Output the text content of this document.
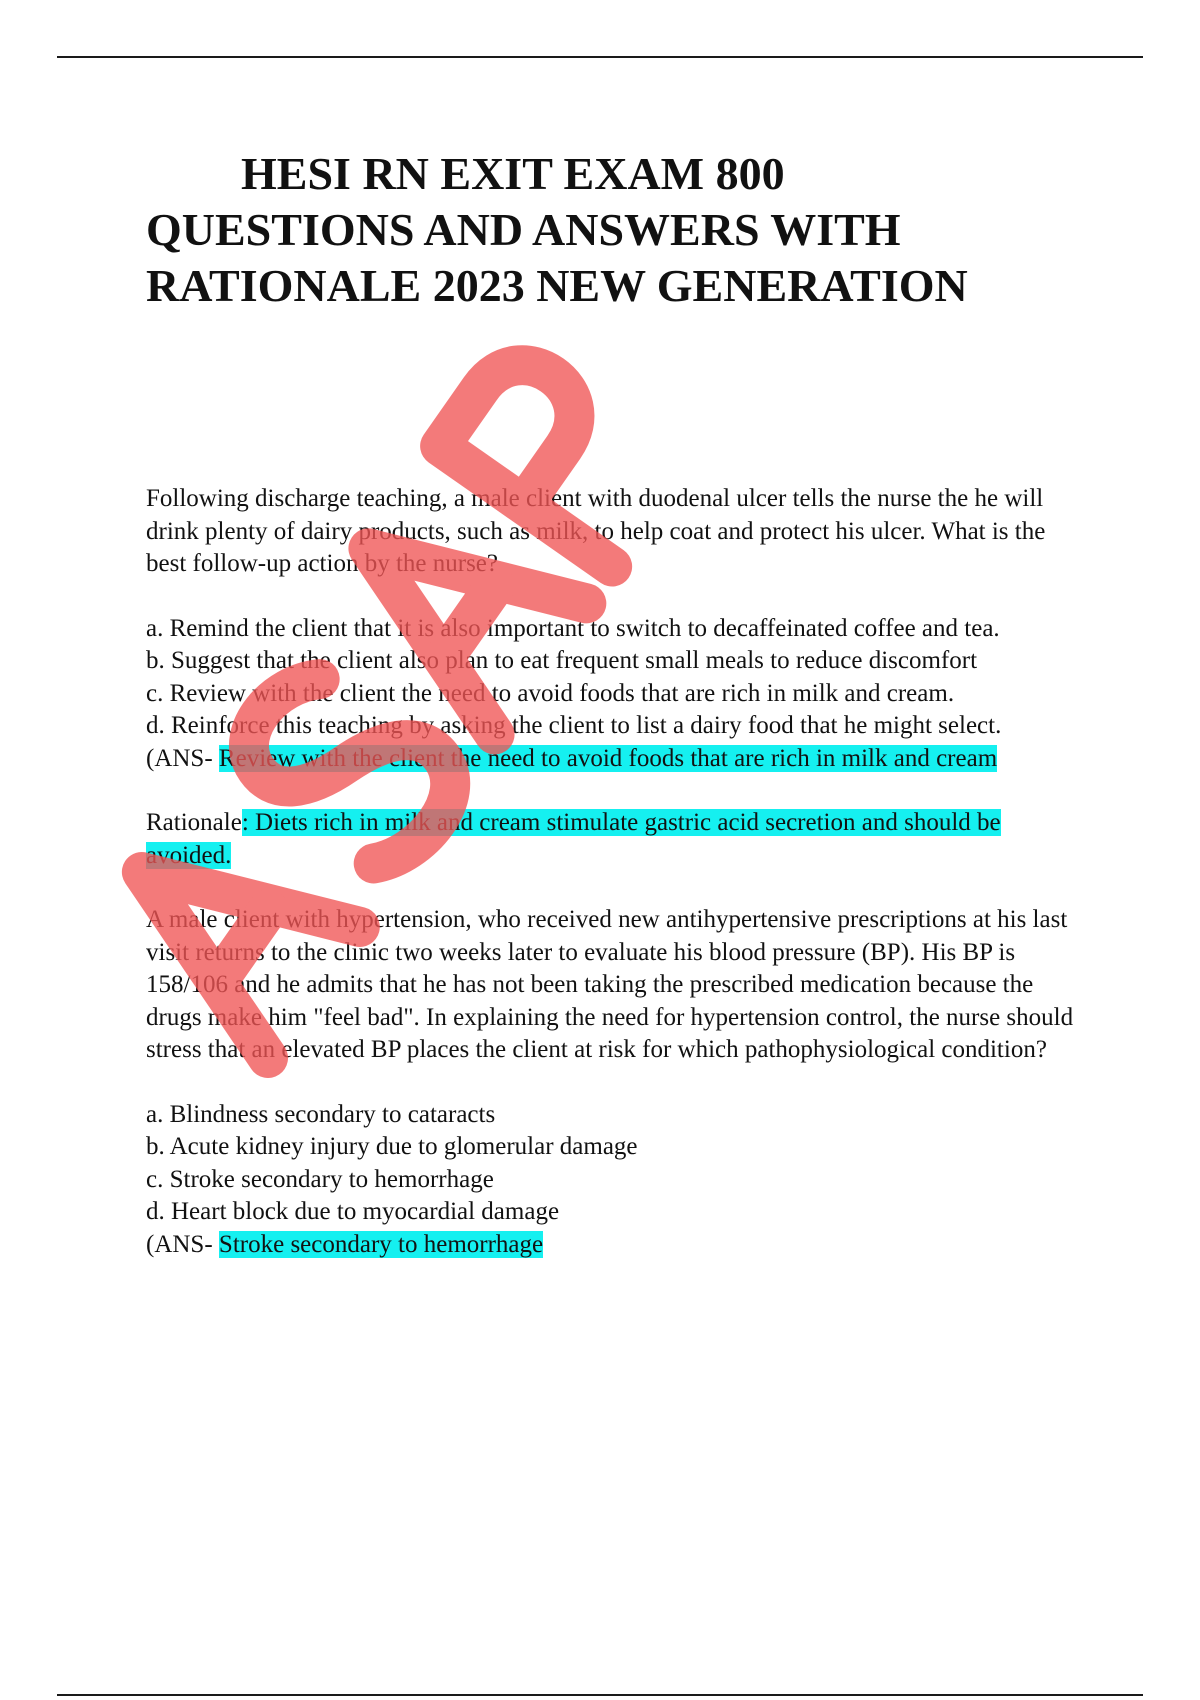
HESI RN EXIT EXAM 800
QUESTIONS AND ANSWERS WITH
RATIONALE 2023 NEW GENERATION

Following discharge teaching, a male client with duodenal ulcer tells the nurse the he will drink plenty of dairy products, such as milk, to help coat and protect his ulcer. What is the best follow-up action by the nurse?

a. Remind the client that it is also important to switch to decaffeinated coffee and tea.

b. Suggest that the client also plan to eat frequent small meals to reduce discomfort

c. Review with the client the need to avoid foods that are rich in milk and cream.

d. Reinforce this teaching by asking the client to list a dairy food that he might select.

(ANS- Review with the client the need to avoid foods that are rich in milk and cream

Rationale: Diets rich in milk and cream stimulate gastric acid secretion and should be avoided.

A male client with hypertension, who received new antihypertensive prescriptions at his last visit returns to the clinic two weeks later to evaluate his blood pressure (BP). His BP is 158/106 and he admits that he has not been taking the prescribed medication because the drugs make him "feel bad". In explaining the need for hypertension control, the nurse should stress that an elevated BP places the client at risk for which pathophysiological condition?

a. Blindness secondary to cataracts

b. Acute kidney injury due to glomerular damage

c. Stroke secondary to hemorrhage

d. Heart block due to myocardial damage

(ANS- Stroke secondary to hemorrhage
